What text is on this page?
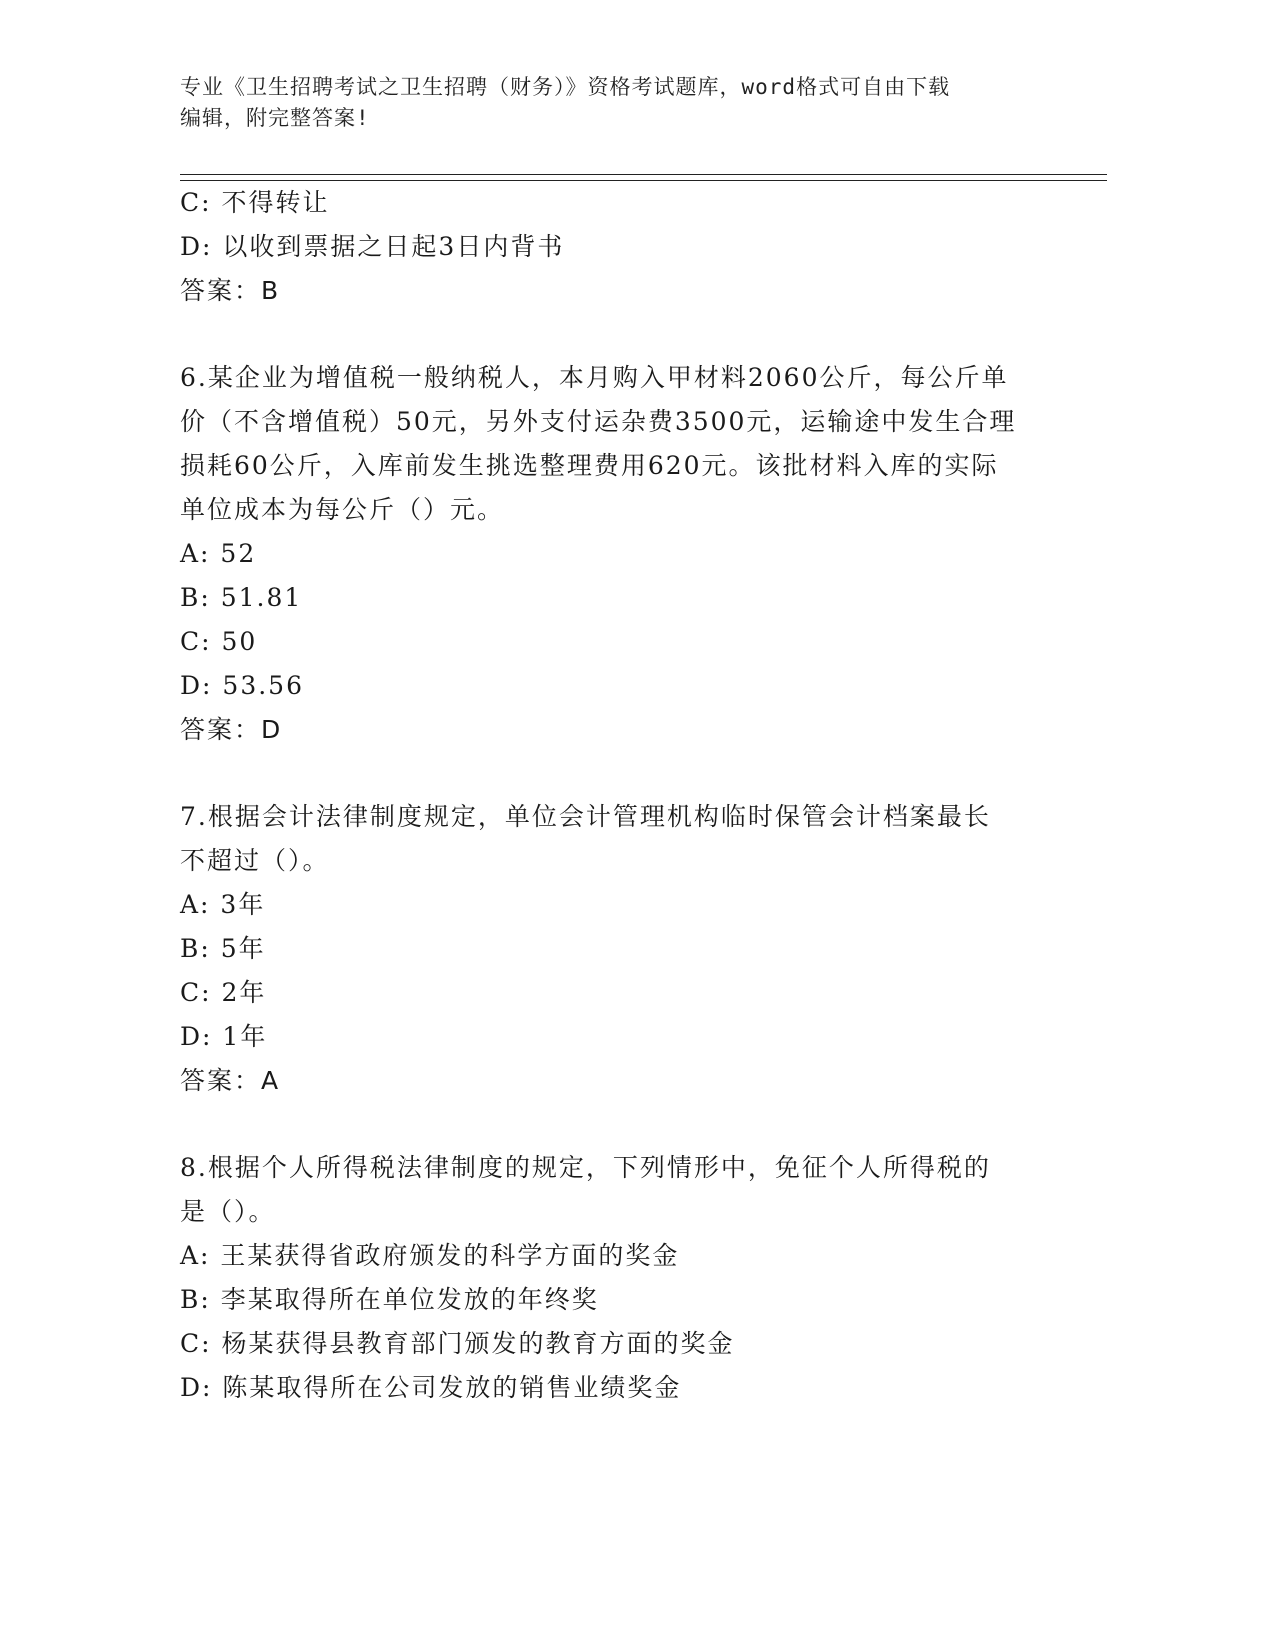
专业《卫生招聘考试之卫生招聘（财务）》资格考试题库，word格式可自由下载
编辑，附完整答案!
C: 不得转让
D: 以收到票据之日起3日内背书
答案：B
6.某企业为增值税一般纳税人，本月购入甲材料2060公斤，每公斤单
价（不含增值税）50元，另外支付运杂费3500元，运输途中发生合理
损耗60公斤，入库前发生挑选整理费用620元。该批材料入库的实际
单位成本为每公斤（）元。
A: 52
B: 51.81
C: 50
D: 53.56
答案：D
7.根据会计法律制度规定，单位会计管理机构临时保管会计档案最长
不超过（）。
A: 3年
B: 5年
C: 2年
D: 1年
答案：A
8.根据个人所得税法律制度的规定，下列情形中，免征个人所得税的
是（）。
A: 王某获得省政府颁发的科学方面的奖金
B: 李某取得所在单位发放的年终奖
C: 杨某获得县教育部门颁发的教育方面的奖金
D: 陈某取得所在公司发放的销售业绩奖金
